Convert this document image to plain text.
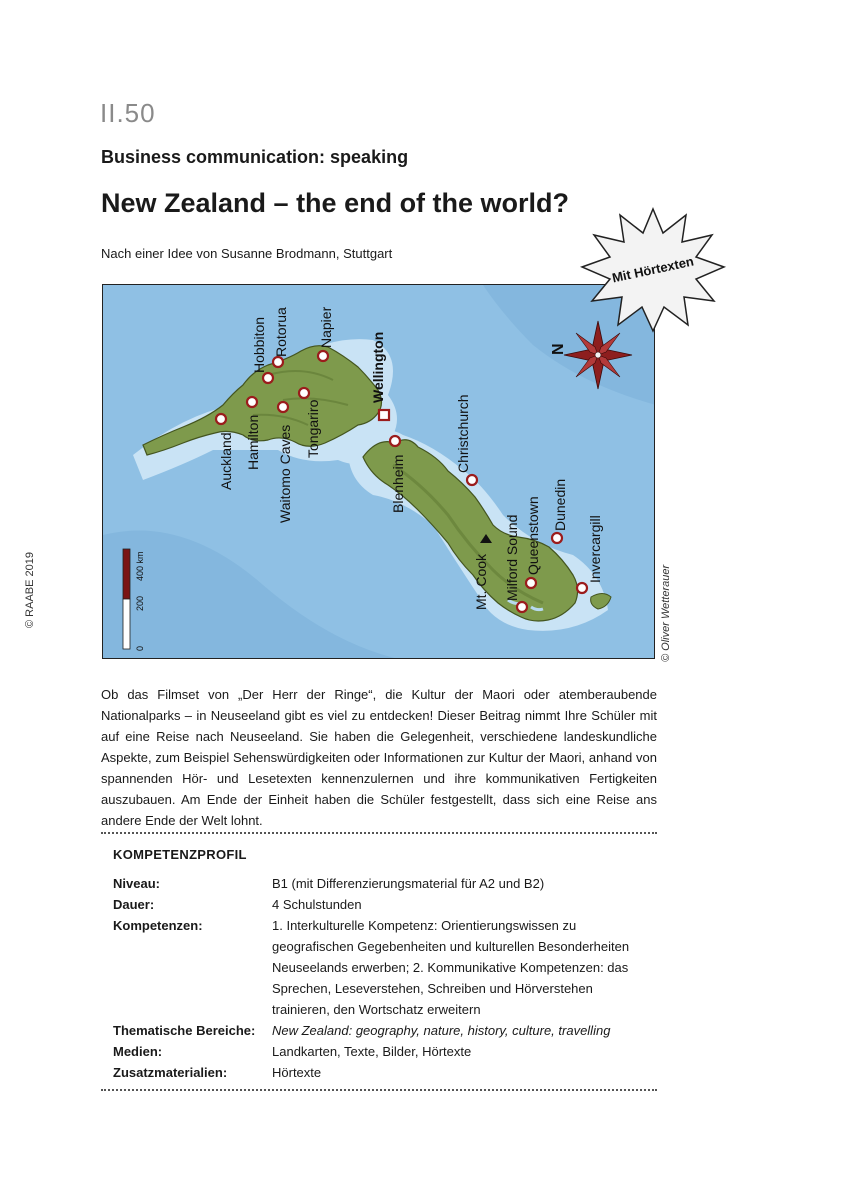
II.50
Business communication: speaking
New Zealand – the end of the world?
Nach einer Idee von Susanne Brodmann, Stuttgart
N
Auckland Hamilton
Hobbiton Rotorua
Waitomo Caves Tongariro
Napier
Wellington
Blenheim
Christchurch
Mt. Cook Milford Sound Queenstown Dunedin
Invercargill
400 km
200
0
Mit Hörtexten
© RAABE 2019	© Oliver Wetterauer
Ob das Filmset von „Der Herr der Ringe“, die Kultur der Maori oder atemberaubende Nationalparks – in Neuseeland gibt es viel zu entdecken! Dieser Beitrag nimmt Ihre Schüler mit auf eine Reise nach Neuseeland. Sie haben die Gelegenheit, verschiedene landeskundliche Aspekte, zum Beispiel Sehenswürdigkeiten oder Informationen zur Kultur der Maori, anhand von spannenden Hör- und Lesetexten kennenzulernen und ihre kommunikativen Fertigkeiten auszubauen. Am Ende der Einheit haben die Schüler festgestellt, dass sich eine Reise ans andere Ende der Welt lohnt.
KOMPETENZPROFIL
Niveau:	B1 (mit Differenzierungsmaterial für A2 und B2)
Dauer:	4 Schulstunden
Kompetenzen:	1. Interkulturelle Kompetenz: Orientierungswissen zu geografischen Gegebenheiten und kulturellen Besonderheiten Neuseelands erwerben; 2. Kommunikative Kompetenzen: das Sprechen, Leseverstehen, Schreiben und Hörverstehen trainieren, den Wortschatz erweitern
Thematische Bereiche: New Zealand: geography, nature, history, culture, travelling
Medien:	Landkarten, Texte, Bilder, Hörtexte
Zusatzmaterialien:	Hörtexte
